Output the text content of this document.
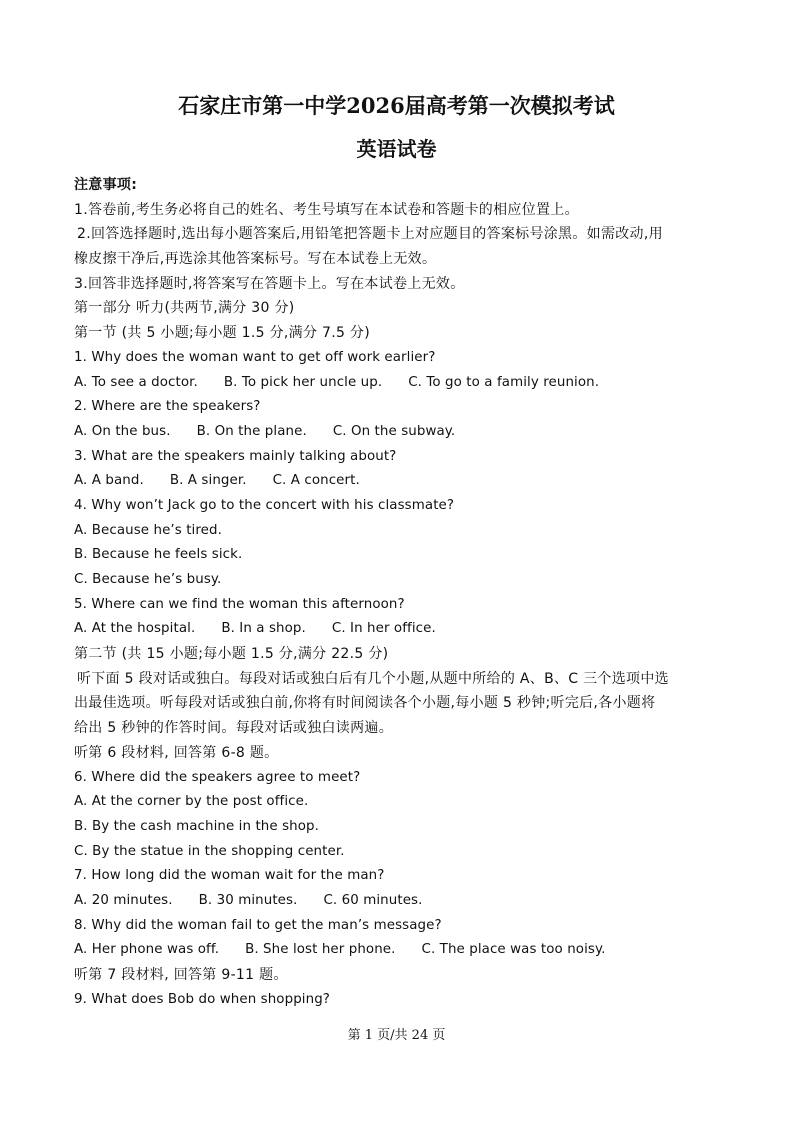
石家庄市第一中学2026届高考第一次模拟考试
英语试卷
注意事项:
1.答卷前,考生务必将自己的姓名、考生号填写在本试卷和答题卡的相应位置上。
2.回答选择题时,选出每小题答案后,用铅笔把答题卡上对应题目的答案标号涂黑。如需改动,用
橡皮擦干净后,再选涂其他答案标号。写在本试卷上无效。
3.回答非选择题时,将答案写在答题卡上。写在本试卷上无效。
第一部分 听力(共两节,满分 30 分)
第一节 (共 5 小题;每小题 1.5 分,满分 7.5 分)
1. Why does the woman want to get off work earlier?
A. To see a doctor. B. To pick her uncle up. C. To go to a family reunion.
2. Where are the speakers?
A. On the bus. B. On the plane. C. On the subway.
3. What are the speakers mainly talking about?
A. A band. B. A singer. C. A concert.
4. Why won’t Jack go to the concert with his classmate?
A. Because he’s tired.
B. Because he feels sick.
C. Because he’s busy.
5. Where can we find the woman this afternoon?
A. At the hospital. B. In a shop. C. In her office.
第二节 (共 15 小题;每小题 1.5 分,满分 22.5 分)
听下面 5 段对话或独白。每段对话或独白后有几个小题,从题中所给的 A、B、C 三个选项中选
出最佳选项。听每段对话或独白前,你将有时间阅读各个小题,每小题 5 秒钟;听完后,各小题将
给出 5 秒钟的作答时间。每段对话或独白读两遍。
听第 6 段材料, 回答第 6-8 题。
6. Where did the speakers agree to meet?
A. At the corner by the post office.
B. By the cash machine in the shop.
C. By the statue in the shopping center.
7. How long did the woman wait for the man?
A. 20 minutes. B. 30 minutes. C. 60 minutes.
8. Why did the woman fail to get the man’s message?
A. Her phone was off. B. She lost her phone. C. The place was too noisy.
听第 7 段材料, 回答第 9-11 题。
9. What does Bob do when shopping?
第 1 页/共 24 页
